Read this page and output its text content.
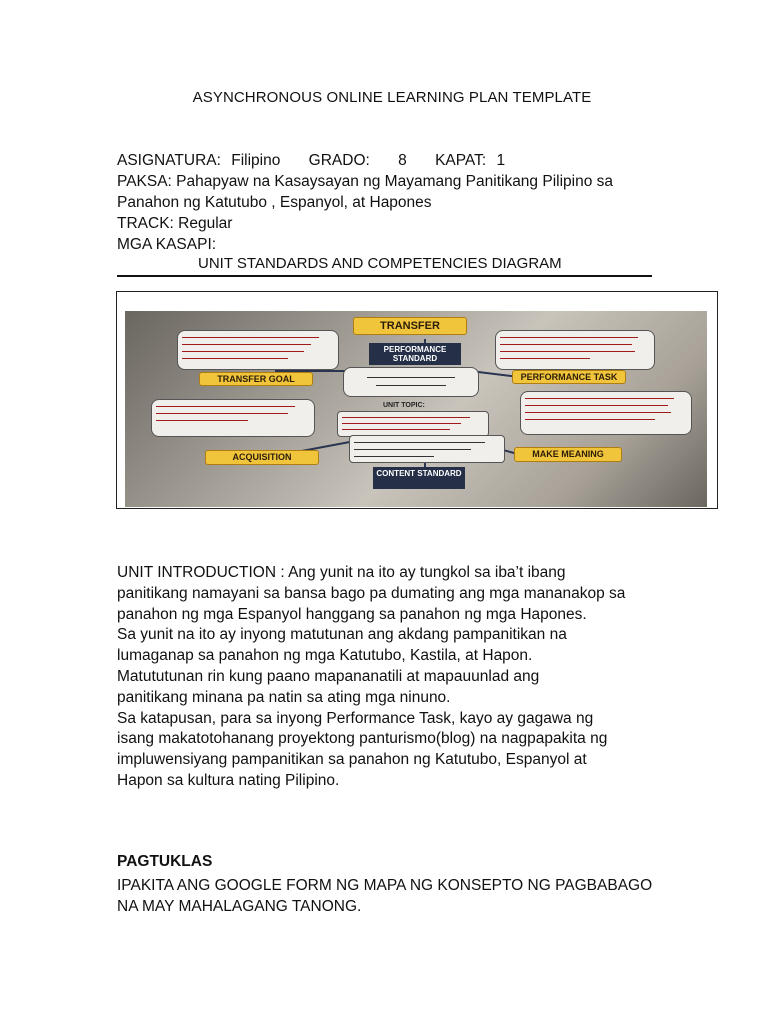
ASYNCHRONOUS ONLINE LEARNING PLAN TEMPLATE
ASIGNATURA: Filipino GRADO: 8 KAPAT: 1
PAKSA: Pahapyaw na Kasaysayan ng Mayamang Panitikang Pilipino sa
Panahon ng Katutubo , Espanyol, at Hapones
TRACK: Regular
MGA KASAPI:
UNIT STANDARDS AND COMPETENCIES DIAGRAM
TRANSFER
PERFORMANCE STANDARD
TRANSFER GOAL	PERFORMANCE TASK
UNIT TOPIC:
ACQUISITION	MAKE MEANING
CONTENT STANDARD

UNIT INTRODUCTION : Ang yunit na ito ay tungkol sa iba’t ibang

panitikang namayani sa bansa bago pa dumating ang mga mananakop sa

panahon ng mga Espanyol hanggang sa panahon ng mga Hapones.

Sa yunit na ito ay inyong matutunan ang akdang pampanitikan na

lumaganap sa panahon ng mga Katutubo, Kastila, at Hapon.

Matututunan rin kung paano mapananatili at mapauunlad ang

panitikang minana pa natin sa ating mga ninuno.

Sa katapusan, para sa inyong Performance Task, kayo ay gagawa ng

isang makatotohanang proyektong panturismo(blog) na nagpapakita ng

impluwensiyang pampanitikan sa panahon ng Katutubo, Espanyol at

Hapon sa kultura nating Pilipino.

PAGTUKLAS
IPAKITA ANG GOOGLE FORM NG MAPA NG KONSEPTO NG PAGBABAGO
NA MAY MAHALAGANG TANONG.
